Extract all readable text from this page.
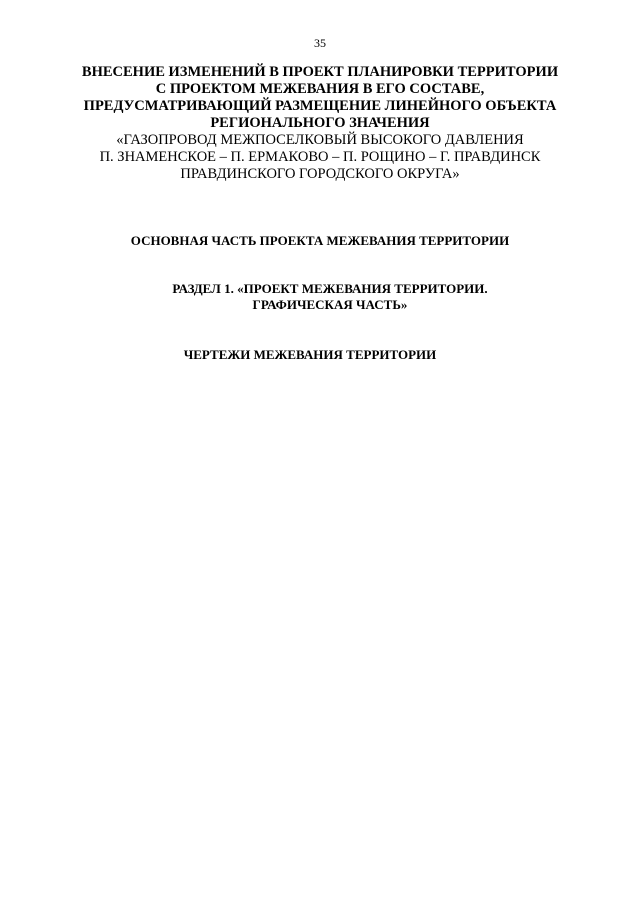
35
ВНЕСЕНИЕ ИЗМЕНЕНИЙ В ПРОЕКТ ПЛАНИРОВКИ ТЕРРИТОРИИ
С ПРОЕКТОМ МЕЖЕВАНИЯ В ЕГО СОСТАВЕ,
ПРЕДУСМАТРИВАЮЩИЙ РАЗМЕЩЕНИЕ ЛИНЕЙНОГО ОБЪЕКТА
РЕГИОНАЛЬНОГО ЗНАЧЕНИЯ
«ГАЗОПРОВОД МЕЖПОСЕЛКОВЫЙ ВЫСОКОГО ДАВЛЕНИЯ
П. ЗНАМЕНСКОЕ – П. ЕРМАКОВО – П. РОЩИНО – Г. ПРАВДИНСК
ПРАВДИНСКОГО ГОРОДСКОГО ОКРУГА»
ОСНОВНАЯ ЧАСТЬ ПРОЕКТА МЕЖЕВАНИЯ ТЕРРИТОРИИ
РАЗДЕЛ 1. «ПРОЕКТ МЕЖЕВАНИЯ ТЕРРИТОРИИ.
ГРАФИЧЕСКАЯ ЧАСТЬ»
ЧЕРТЕЖИ МЕЖЕВАНИЯ ТЕРРИТОРИИ
